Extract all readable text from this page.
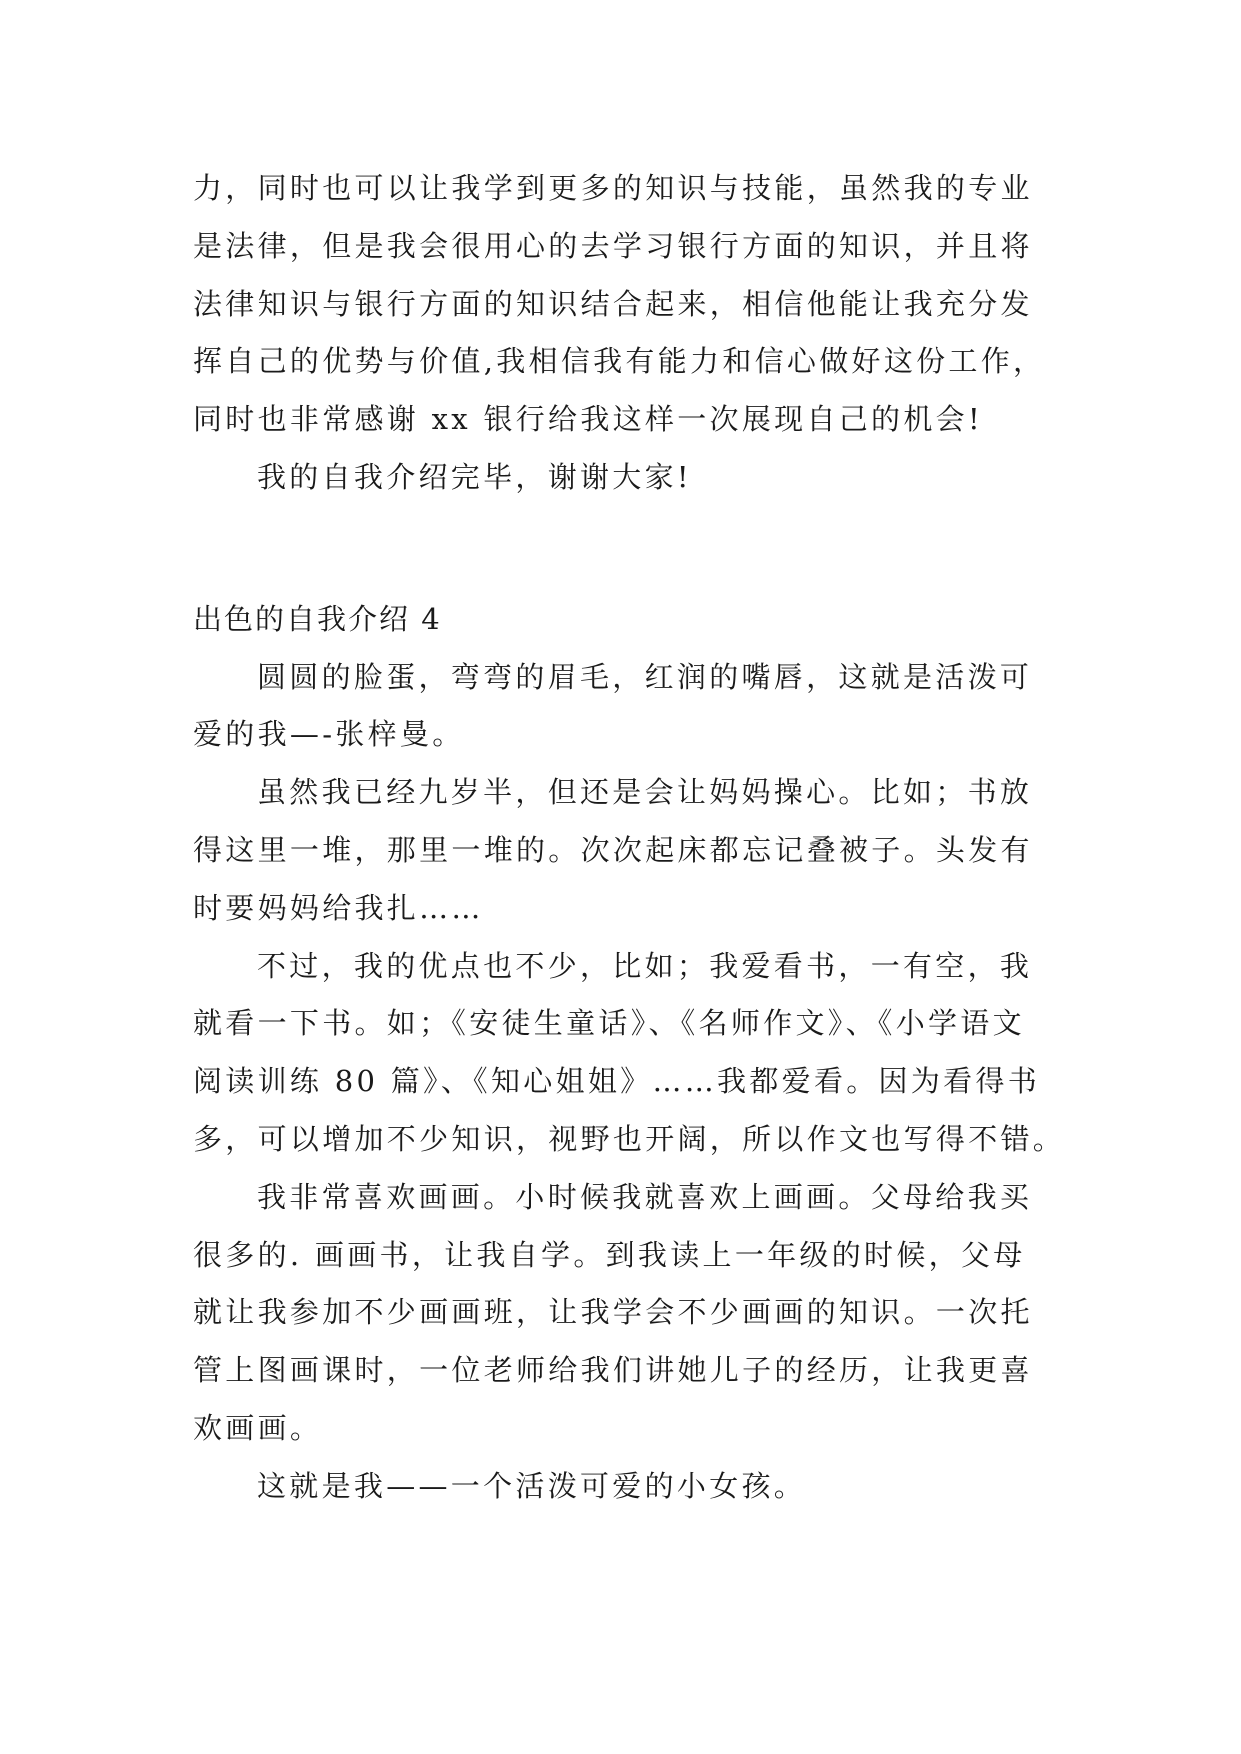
力，同时也可以让我学到更多的知识与技能，虽然我的专业
是法律，但是我会很用心的去学习银行方面的知识，并且将
法律知识与银行方面的知识结合起来，相信他能让我充分发
挥自己的优势与价值,我相信我有能力和信心做好这份工作，
同时也非常感谢 xx 银行给我这样一次展现自己的机会!
我的自我介绍完毕，谢谢大家!
出色的自我介绍 4
圆圆的脸蛋，弯弯的眉毛，红润的嘴唇，这就是活泼可
爱的我—-张梓曼。
虽然我已经九岁半，但还是会让妈妈操心。比如；书放
得这里一堆，那里一堆的。次次起床都忘记叠被子。头发有
时要妈妈给我扎……
不过，我的优点也不少，比如；我爱看书，一有空，我
就看一下书。如；《安徒生童话》、《名师作文》、《小学语文
阅读训练 80 篇》、《知心姐姐》……我都爱看。因为看得书
多，可以增加不少知识，视野也开阔，所以作文也写得不错。
我非常喜欢画画。小时候我就喜欢上画画。父母给我买
很多的. 画画书，让我自学。到我读上一年级的时候，父母
就让我参加不少画画班，让我学会不少画画的知识。一次托
管上图画课时，一位老师给我们讲她儿子的经历，让我更喜
欢画画。
这就是我——一个活泼可爱的小女孩。
